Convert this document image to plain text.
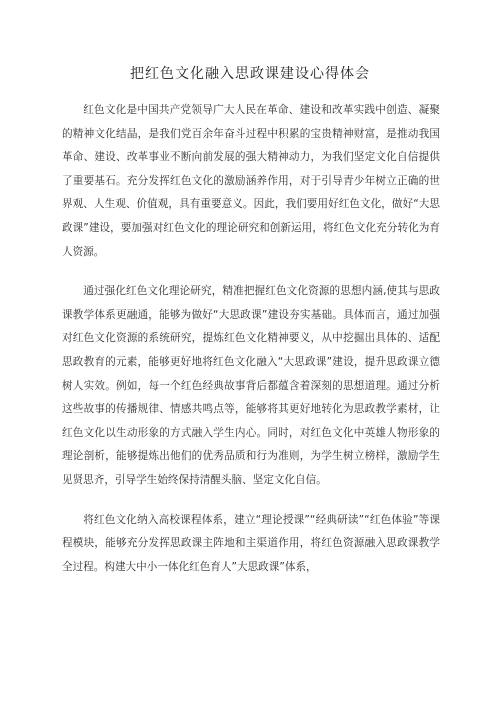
把红色文化融入思政课建设心得体会

红色文化是中国共产党领导广大人民在革命、建设和改革实践中创造、凝聚的精神文化结晶，是我们党百余年奋斗过程中积累的宝贵精神财富，是推动我国革命、建设、改革事业不断向前发展的强大精神动力，为我们坚定文化自信提供了重要基石。充分发挥红色文化的激励涵养作用，对于引导青少年树立正确的世界观、人生观、价值观，具有重要意义。因此，我们要用好红色文化，做好“大思政课”建设，要加强对红色文化的理论研究和创新运用，将红色文化充分转化为育人资源。

通过强化红色文化理论研究，精准把握红色文化资源的思想内涵,使其与思政课教学体系更融通，能够为做好“大思政课”建设夯实基础。具体而言，通过加强对红色文化资源的系统研究，提炼红色文化精神要义，从中挖掘出具体的、适配思政教育的元素，能够更好地将红色文化融入“大思政课”建设，提升思政课立德树人实效。例如，每一个红色经典故事背后都蕴含着深刻的思想道理。通过分析这些故事的传播规律、情感共鸣点等，能够将其更好地转化为思政教学素材，让红色文化以生动形象的方式融入学生内心。同时，对红色文化中英雄人物形象的理论剖析，能够提炼出他们的优秀品质和行为准则，为学生树立榜样，激励学生见贤思齐，引导学生始终保持清醒头脑、坚定文化自信。

将红色文化纳入高校课程体系，建立“理论授课”“经典研读”“红色体验”等课程模块，能够充分发挥思政课主阵地和主渠道作用，将红色资源融入思政课教学全过程。构建大中小一体化红色育人”大思政课”体系，
